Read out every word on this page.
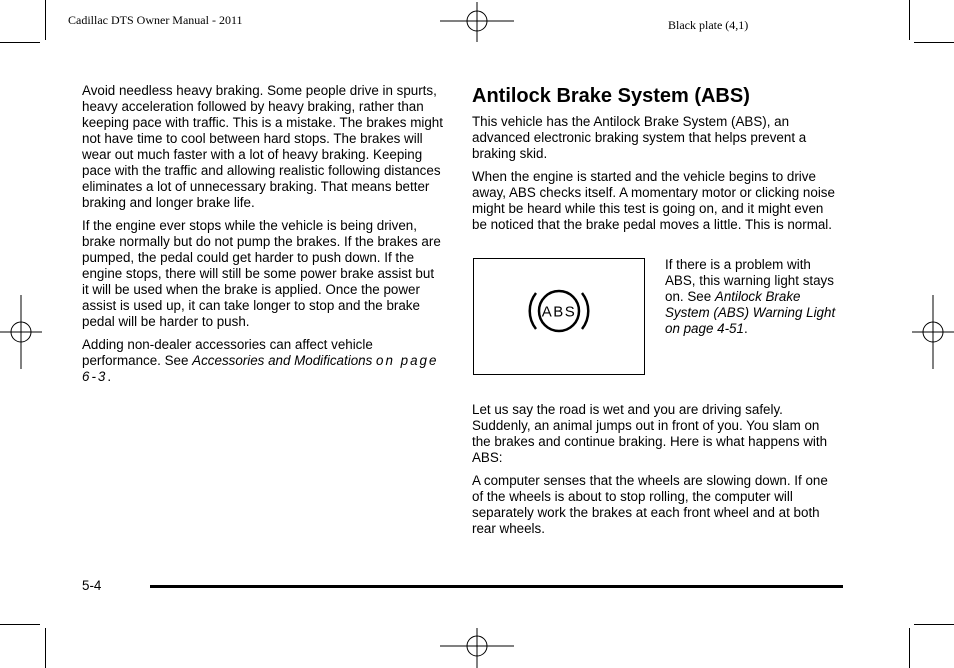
Cadillac DTS Owner Manual - 2011	Black plate (4,1)

Avoid needless heavy braking. Some people drive in spurts, heavy acceleration followed by heavy braking, rather than keeping pace with traffic. This is a mistake. The brakes might not have time to cool between hard stops. The brakes will wear out much faster with a lot of heavy braking. Keeping pace with the traffic and allowing realistic following distances eliminates a lot of unnecessary braking. That means better braking and longer brake life.

If the engine ever stops while the vehicle is being driven, brake normally but do not pump the brakes. If the brakes are pumped, the pedal could get harder to push down. If the engine stops, there will still be some power brake assist but it will be used when the brake is applied. Once the power assist is used up, it can take longer to stop and the brake pedal will be harder to push.

Adding non-dealer accessories can affect vehicle performance. See Accessories and Modifications on page 6-3.

Antilock Brake System (ABS)

This vehicle has the Antilock Brake System (ABS), an advanced electronic braking system that helps prevent a braking skid.

When the engine is started and the vehicle begins to drive away, ABS checks itself. A momentary motor or clicking noise might be heard while this test is going on, and it might even be noticed that the brake pedal moves a little. This is normal.

ABS
If there is a problem with ABS, this warning light stays on. See Antilock Brake System (ABS) Warning Light on page 4-51.

Let us say the road is wet and you are driving safely. Suddenly, an animal jumps out in front of you. You slam on the brakes and continue braking. Here is what happens with ABS:

A computer senses that the wheels are slowing down. If one of the wheels is about to stop rolling, the computer will separately work the brakes at each front wheel and at both rear wheels.

5-4
